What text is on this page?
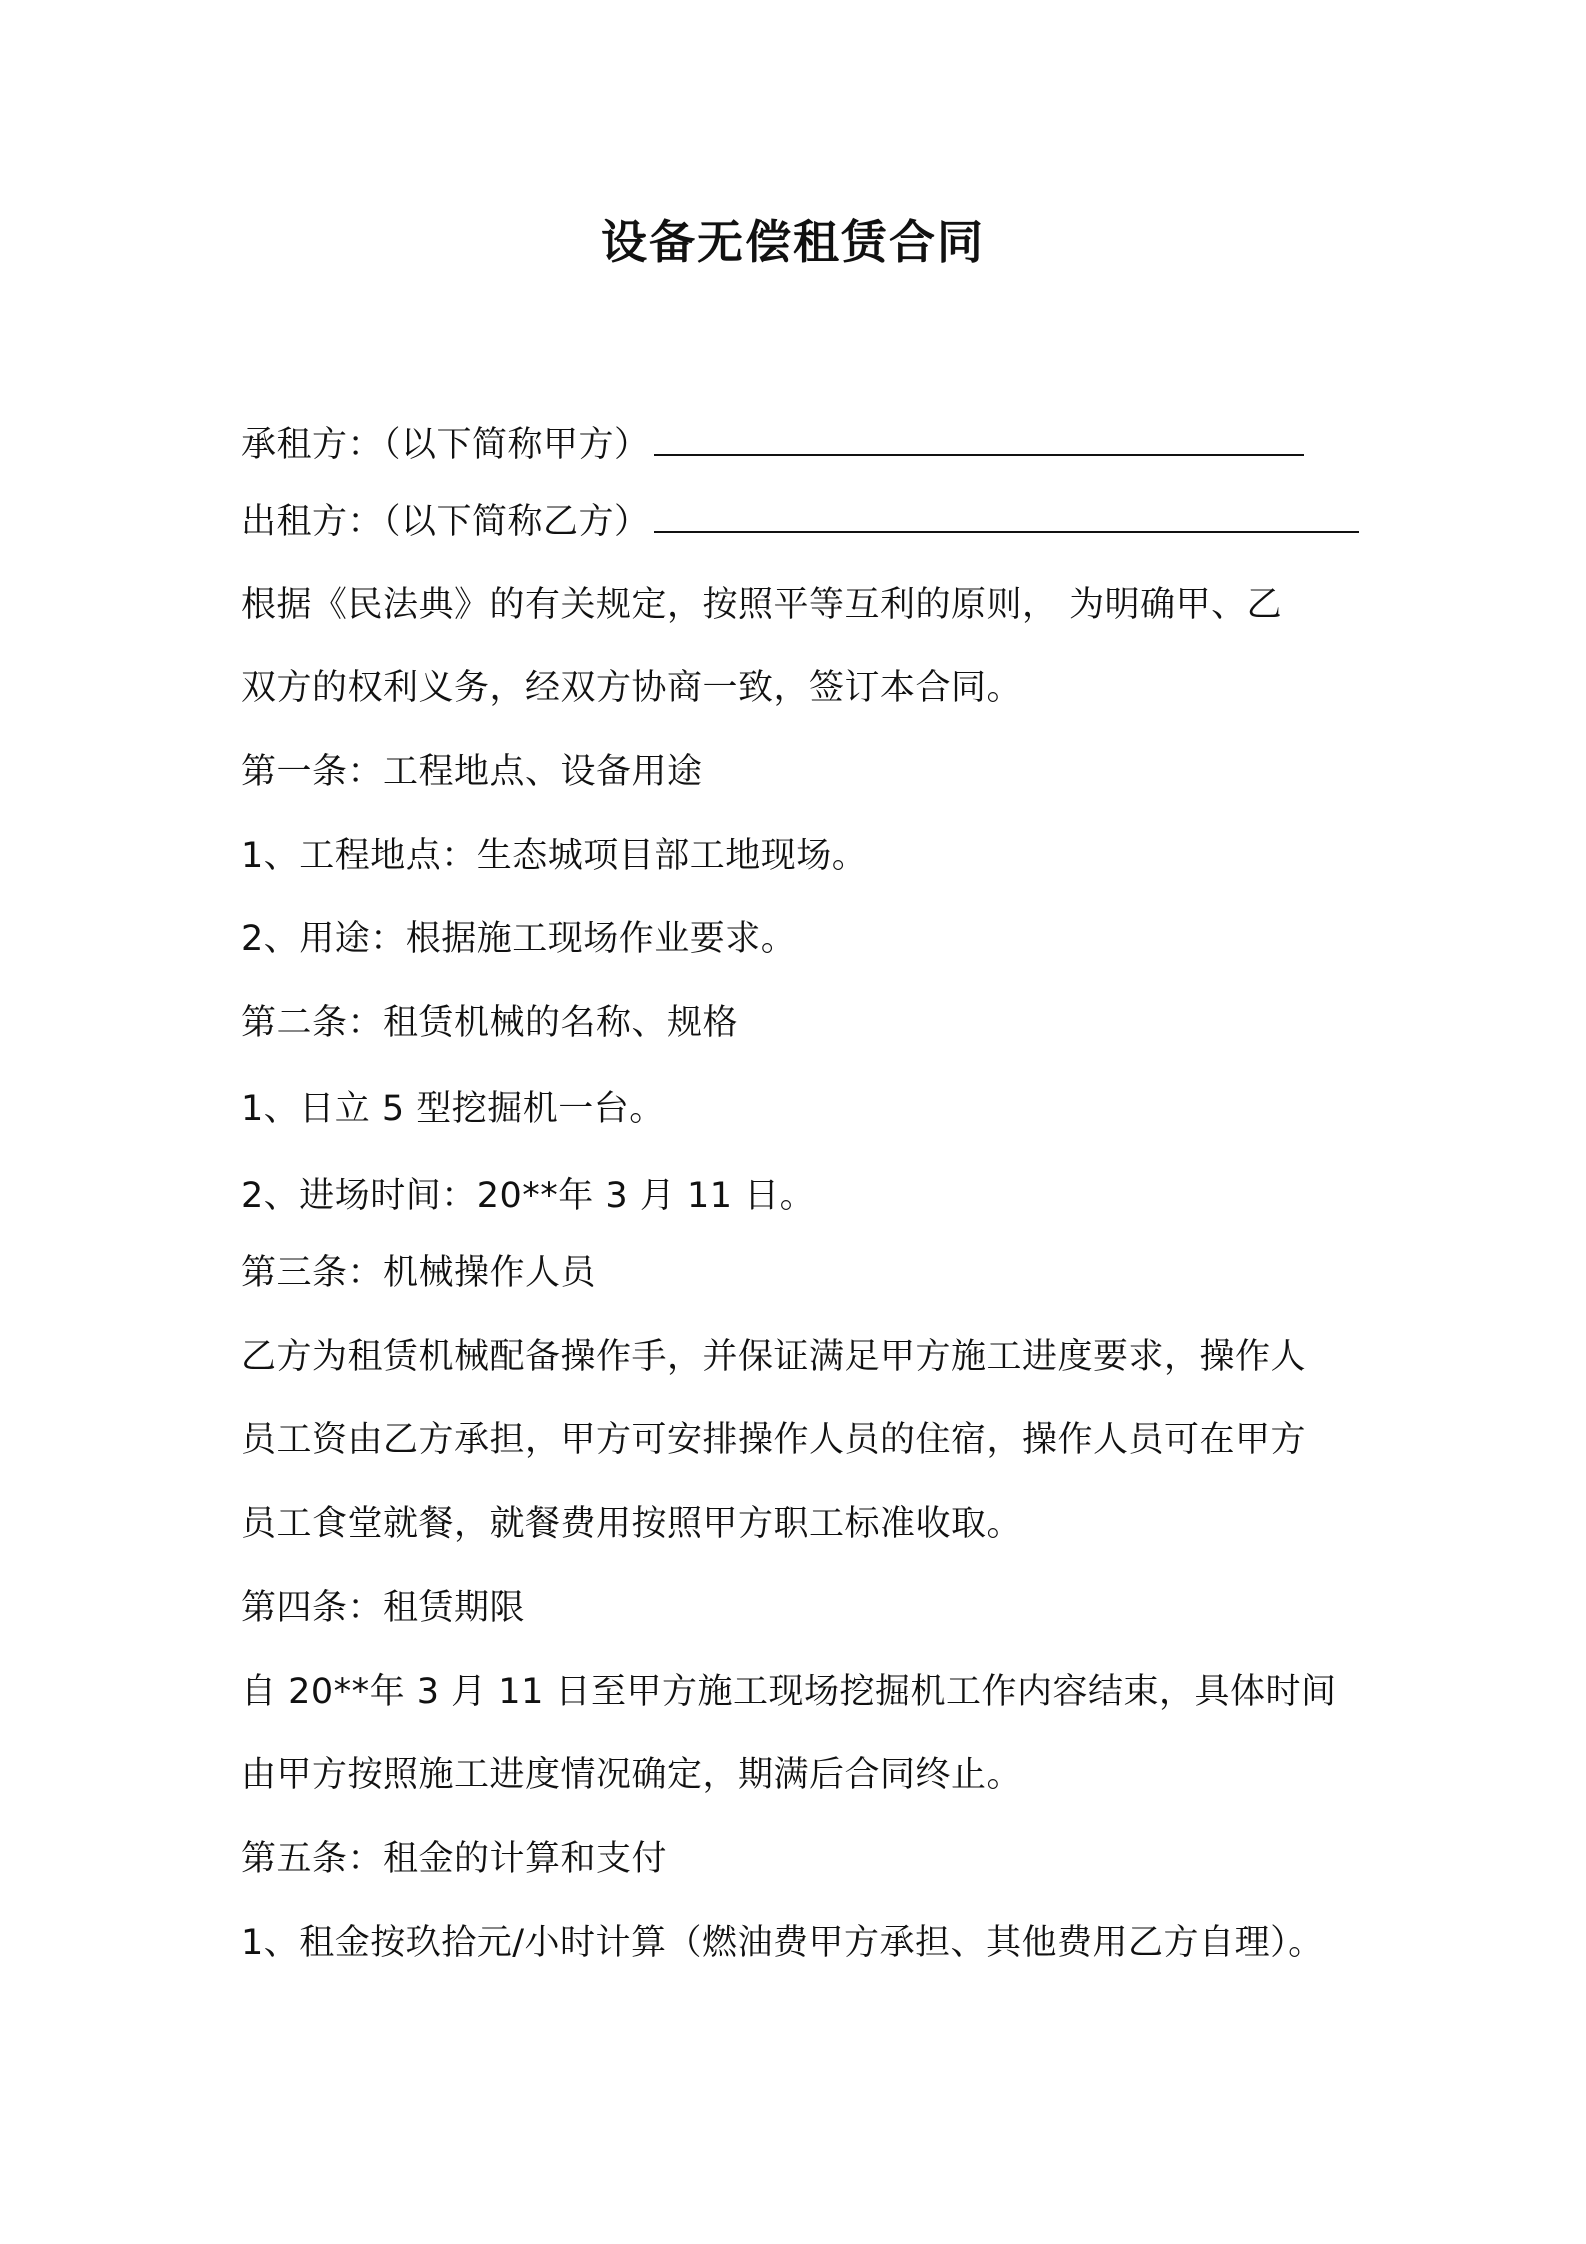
设备无偿租赁合同
承租方：（以下简称甲方）
出租方：（以下简称乙方）
根据《民法典》的有关规定，按照平等互利的原则， 为明确甲、乙
双方的权利义务，经双方协商一致，签订本合同。
第一条：工程地点、设备用途
1、工程地点：生态城项目部工地现场。
2、用途：根据施工现场作业要求。
第二条：租赁机械的名称、规格
1、日立 5 型挖掘机一台。
2、进场时间：20**年 3 月 11 日。
第三条：机械操作人员
乙方为租赁机械配备操作手，并保证满足甲方施工进度要求，操作人
员工资由乙方承担，甲方可安排操作人员的住宿，操作人员可在甲方
员工食堂就餐，就餐费用按照甲方职工标准收取。
第四条：租赁期限
自 20**年 3 月 11 日至甲方施工现场挖掘机工作内容结束，具体时间
由甲方按照施工进度情况确定，期满后合同终止。
第五条：租金的计算和支付
1、租金按玖拾元/小时计算（燃油费甲方承担、其他费用乙方自理）。
